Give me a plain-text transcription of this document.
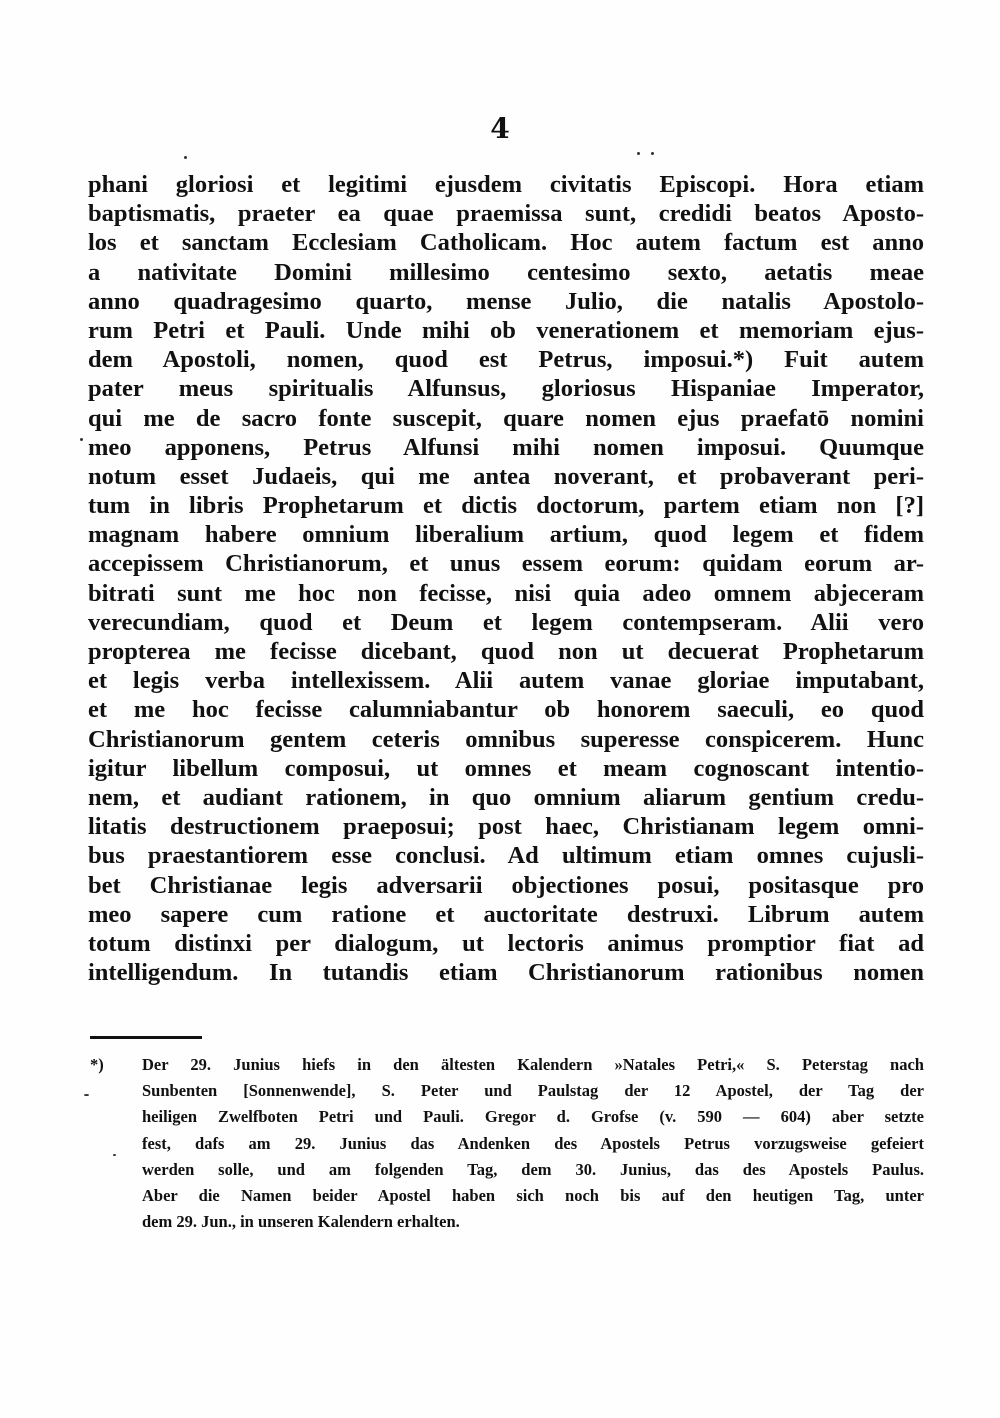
4
phani gloriosi et legitimi ejusdem civitatis Episcopi. Hora etiam
baptismatis, praeter ea quae praemissa sunt, credidi beatos Aposto-
los et sanctam Ecclesiam Catholicam. Hoc autem factum est anno
a nativitate Domini millesimo centesimo sexto, aetatis meae
anno quadragesimo quarto, mense Julio, die natalis Apostolo-
rum Petri et Pauli. Unde mihi ob venerationem et memoriam ejus-
dem Apostoli, nomen, quod est Petrus, imposui.*) Fuit autem
pater meus spiritualis Alfunsus, gloriosus Hispaniae Imperator,
qui me de sacro fonte suscepit, quare nomen ejus praefatō nomini
meo apponens, Petrus Alfunsi mihi nomen imposui. Quumque
notum esset Judaeis, qui me antea noverant, et probaverant peri-
tum in libris Prophetarum et dictis doctorum, partem etiam non [?]
magnam habere omnium liberalium artium, quod legem et fidem
accepissem Christianorum, et unus essem eorum: quidam eorum ar-
bitrati sunt me hoc non fecisse, nisi quia adeo omnem abjeceram
verecundiam, quod et Deum et legem contempseram. Alii vero
propterea me fecisse dicebant, quod non ut decuerat Prophetarum
et legis verba intellexissem. Alii autem vanae gloriae imputabant,
et me hoc fecisse calumniabantur ob honorem saeculi, eo quod
Christianorum gentem ceteris omnibus superesse conspicerem. Hunc
igitur libellum composui, ut omnes et meam cognoscant intentio-
nem, et audiant rationem, in quo omnium aliarum gentium credu-
litatis destructionem praeposui; post haec, Christianam legem omni-
bus praestantiorem esse conclusi. Ad ultimum etiam omnes cujusli-
bet Christianae legis adversarii objectiones posui, positasque pro
meo sapere cum ratione et auctoritate destruxi. Librum autem
totum distinxi per dialogum, ut lectoris animus promptior fiat ad
intelligendum. In tutandis etiam Christianorum rationibus nomen
*)	Der 29. Junius hiefs in den ältesten Kalendern »Natales Petri,« S. Peterstag nach
Sunbenten [Sonnenwende], S. Peter und Paulstag der 12 Apostel, der Tag der
heiligen Zwelfboten Petri und Pauli. Gregor d. Grofse (v. 590 — 604) aber setzte
fest, dafs am 29. Junius das Andenken des Apostels Petrus vorzugsweise gefeiert
werden solle, und am folgenden Tag, dem 30. Junius, das des Apostels Paulus.
Aber die Namen beider Apostel haben sich noch bis auf den heutigen Tag, unter
dem 29. Jun., in unseren Kalendern erhalten.
